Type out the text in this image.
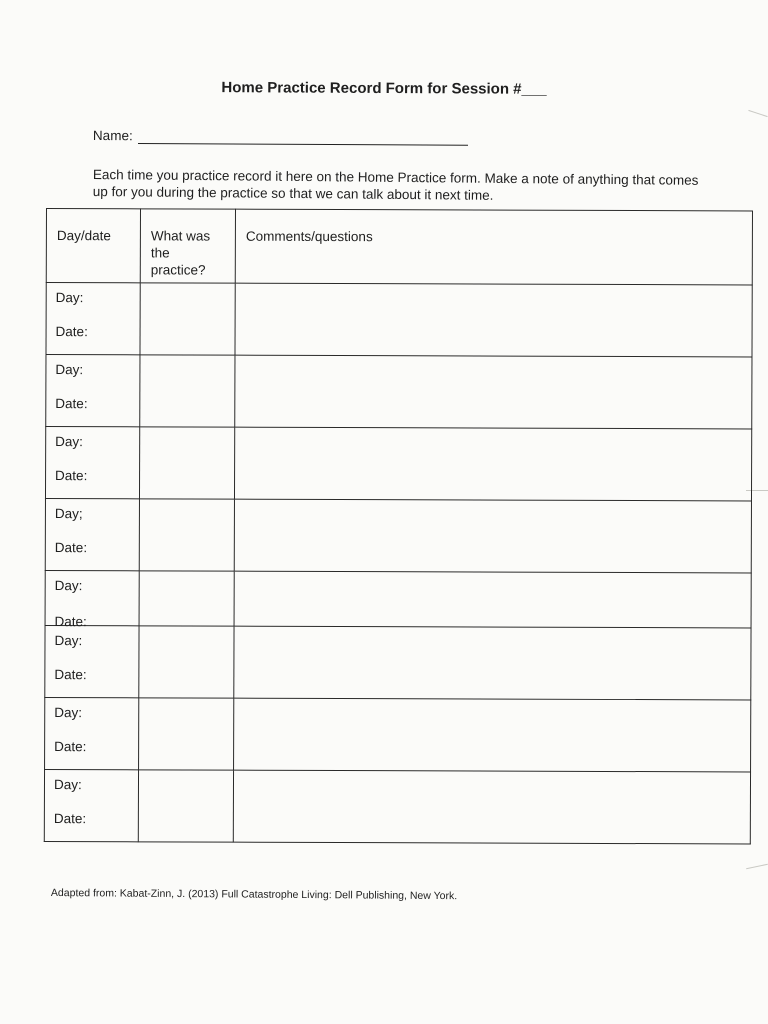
Home Practice Record Form for Session #___
Name:
Each time you practice record it here on the Home Practice form. Make a note of anything that comes up for you during the practice so that we can talk about it next time.
Day/date	What was the practice?	Comments/questions

Day:
Date:		

Day:
Date:		

Day:
Date:		

Day;
Date:		

Day:
Date:		

Day:
Date:		

Day:
Date:		

Day:
Date:		

Adapted from: Kabat-Zinn, J. (2013) Full Catastrophe Living: Dell Publishing, New York.
